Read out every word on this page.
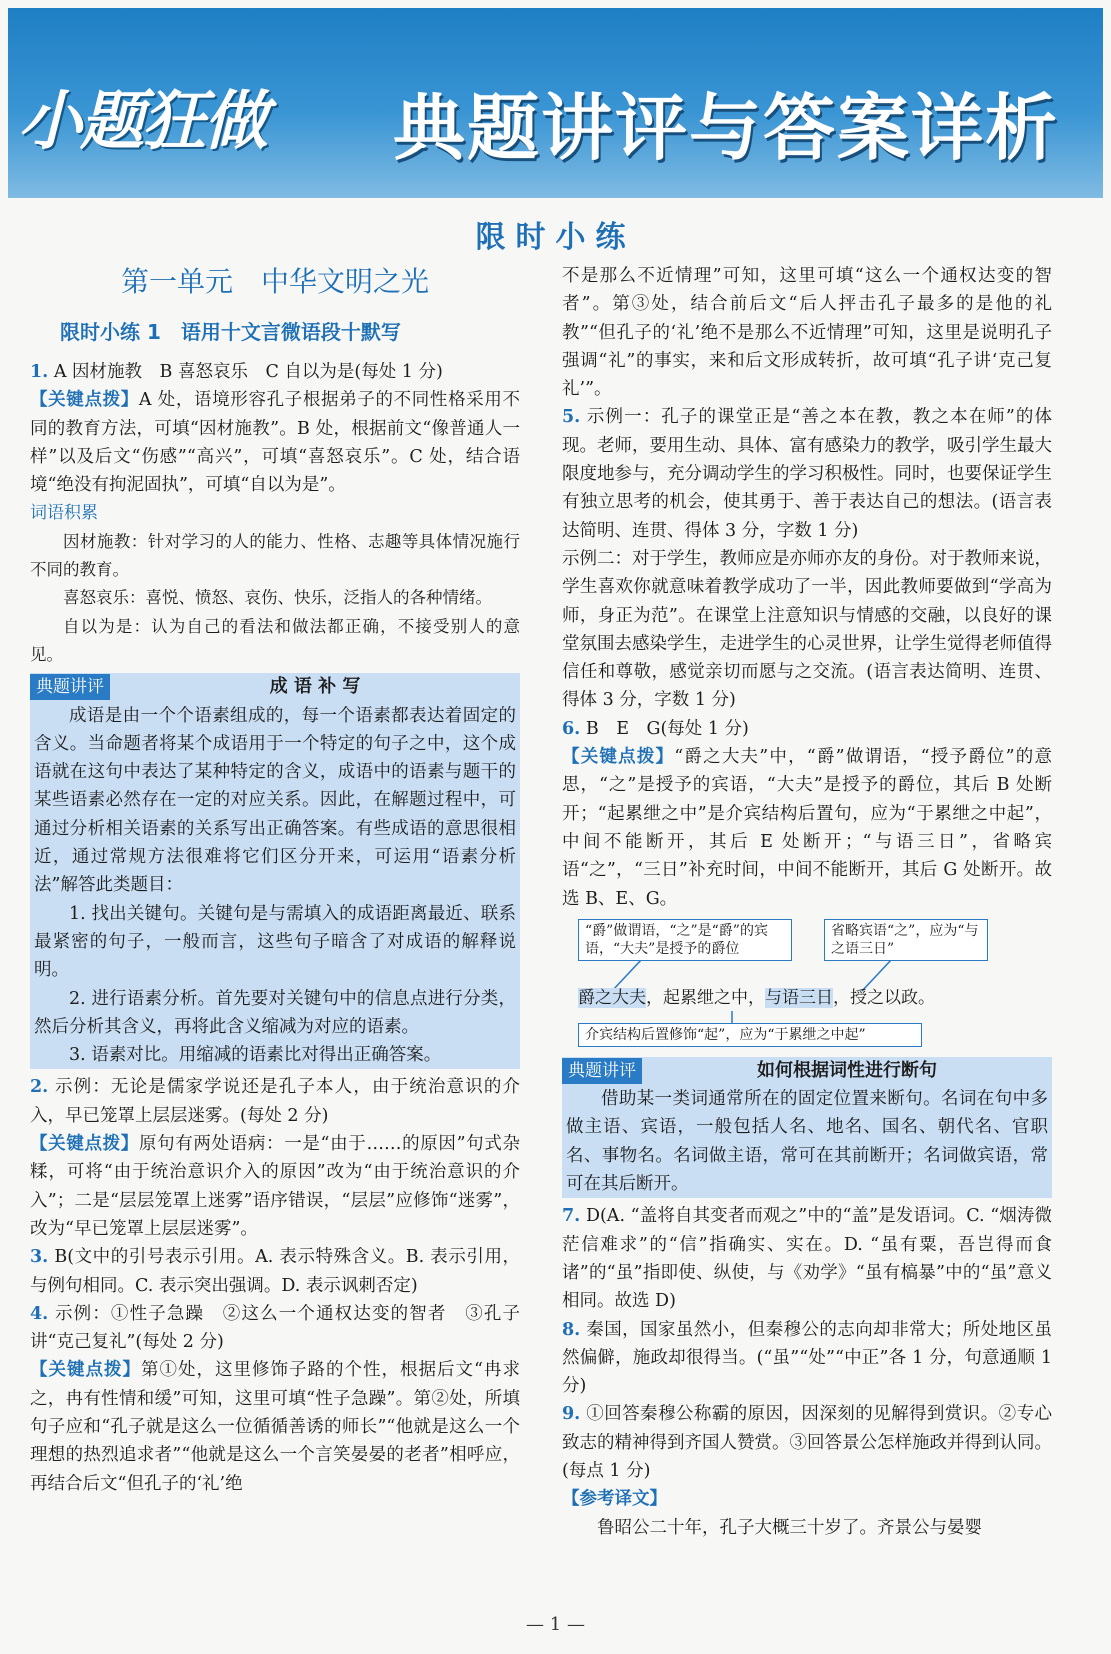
小题狂做 典题讲评与答案详析
限时小练
第一单元　中华文明之光
限时小练 1　语用十文言微语段十默写

1. A 因材施教　B 喜怒哀乐　C 自以为是(每处 1 分)

【关键点拨】A 处，语境形容孔子根据弟子的不同性格采用不同的教育方法，可填“因材施教”。B 处，根据前文“像普通人一样”以及后文“伤感”“高兴”，可填“喜怒哀乐”。C 处，结合语境“绝没有拘泥固执”，可填“自以为是”。

词语积累

因材施教：针对学习的人的能力、性格、志趣等具体情况施行不同的教育。

喜怒哀乐：喜悦、愤怒、哀伤、快乐，泛指人的各种情绪。

自以为是：认为自己的看法和做法都正确，不接受别人的意见。

典题讲评	成 语 补 写

成语是由一个个语素组成的，每一个语素都表达着固定的含义。当命题者将某个成语用于一个特定的句子之中，这个成语就在这句中表达了某种特定的含义，成语中的语素与题干的某些语素必然存在一定的对应关系。因此，在解题过程中，可通过分析相关语素的关系写出正确答案。有些成语的意思很相近，通过常规方法很难将它们区分开来，可运用“语素分析法”解答此类题目：

1. 找出关键句。关键句是与需填入的成语距离最近、联系最紧密的句子，一般而言，这些句子暗含了对成语的解释说明。

2. 进行语素分析。首先要对关键句中的信息点进行分类，然后分析其含义，再将此含义缩减为对应的语素。

3. 语素对比。用缩减的语素比对得出正确答案。

2. 示例：无论是儒家学说还是孔子本人，由于统治意识的介入，早已笼罩上层层迷雾。(每处 2 分)

【关键点拨】原句有两处语病：一是“由于……的原因”句式杂糅，可将“由于统治意识介入的原因”改为“由于统治意识的介入”；二是“层层笼罩上迷雾”语序错误，“层层”应修饰“迷雾”，改为“早已笼罩上层层迷雾”。

3. B(文中的引号表示引用。A. 表示特殊含义。B. 表示引用，与例句相同。C. 表示突出强调。D. 表示讽刺否定)

4. 示例：①性子急躁　②这么一个通权达变的智者　③孔子讲“克己复礼”(每处 2 分)

【关键点拨】第①处，这里修饰子路的个性，根据后文“冉求之，冉有性情和缓”可知，这里可填“性子急躁”。第②处，所填句子应和“孔子就是这么一位循循善诱的师长”“他就是这么一个理想的热烈追求者”“他就是这么一个言笑晏晏的老者”相呼应，再结合后文“但孔子的‘礼’绝

不是那么不近情理”可知，这里可填“这么一个通权达变的智者”。第③处，结合前后文“后人抨击孔子最多的是他的礼教”“但孔子的‘礼’绝不是那么不近情理”可知，这里是说明孔子强调“礼”的事实，来和后文形成转折，故可填“孔子讲‘克己复礼’”。

5. 示例一：孔子的课堂正是“善之本在教，教之本在师”的体现。老师，要用生动、具体、富有感染力的教学，吸引学生最大限度地参与，充分调动学生的学习积极性。同时，也要保证学生有独立思考的机会，使其勇于、善于表达自己的想法。(语言表达简明、连贯、得体 3 分，字数 1 分)

示例二：对于学生，教师应是亦师亦友的身份。对于教师来说，学生喜欢你就意味着教学成功了一半，因此教师要做到“学高为师，身正为范”。在课堂上注意知识与情感的交融，以良好的课堂氛围去感染学生，走进学生的心灵世界，让学生觉得老师值得信任和尊敬，感觉亲切而愿与之交流。(语言表达简明、连贯、得体 3 分，字数 1 分)

6. B　E　G(每处 1 分)

【关键点拨】“爵之大夫”中，“爵”做谓语，“授予爵位”的意思，“之”是授予的宾语，“大夫”是授予的爵位，其后 B 处断开；“起累绁之中”是介宾结构后置句，应为“于累绁之中起”，中间不能断开，其后 E 处断开；“与语三日”，省略宾语“之”，“三日”补充时间，中间不能断开，其后 G 处断开。故选 B、E、G。

“爵”做谓语，“之”是“爵”的宾语，“大夫”是授予的爵位
省略宾语“之”，应为“与之语三日”
爵之大夫，起累绁之中，与语三日，授之以政。
介宾结构后置修饰“起”，应为“于累绁之中起”
典题讲评	如何根据词性进行断句

借助某一类词通常所在的固定位置来断句。名词在句中多做主语、宾语，一般包括人名、地名、国名、朝代名、官职名、事物名。名词做主语，常可在其前断开；名词做宾语，常可在其后断开。

7. D(A. “盖将自其变者而观之”中的“盖”是发语词。C. “烟涛微茫信难求”的“信”指确实、实在。D. “虽有粟，吾岂得而食诸”的“虽”指即使、纵使，与《劝学》“虽有槁暴”中的“虽”意义相同。故选 D)

8. 秦国，国家虽然小，但秦穆公的志向却非常大；所处地区虽然偏僻，施政却很得当。(“虽”“处”“中正”各 1 分，句意通顺 1 分)

9. ①回答秦穆公称霸的原因，因深刻的见解得到赏识。②专心致志的精神得到齐国人赞赏。③回答景公怎样施政并得到认同。(每点 1 分)

【参考译文】

鲁昭公二十年，孔子大概三十岁了。齐景公与晏婴

— 1 —
